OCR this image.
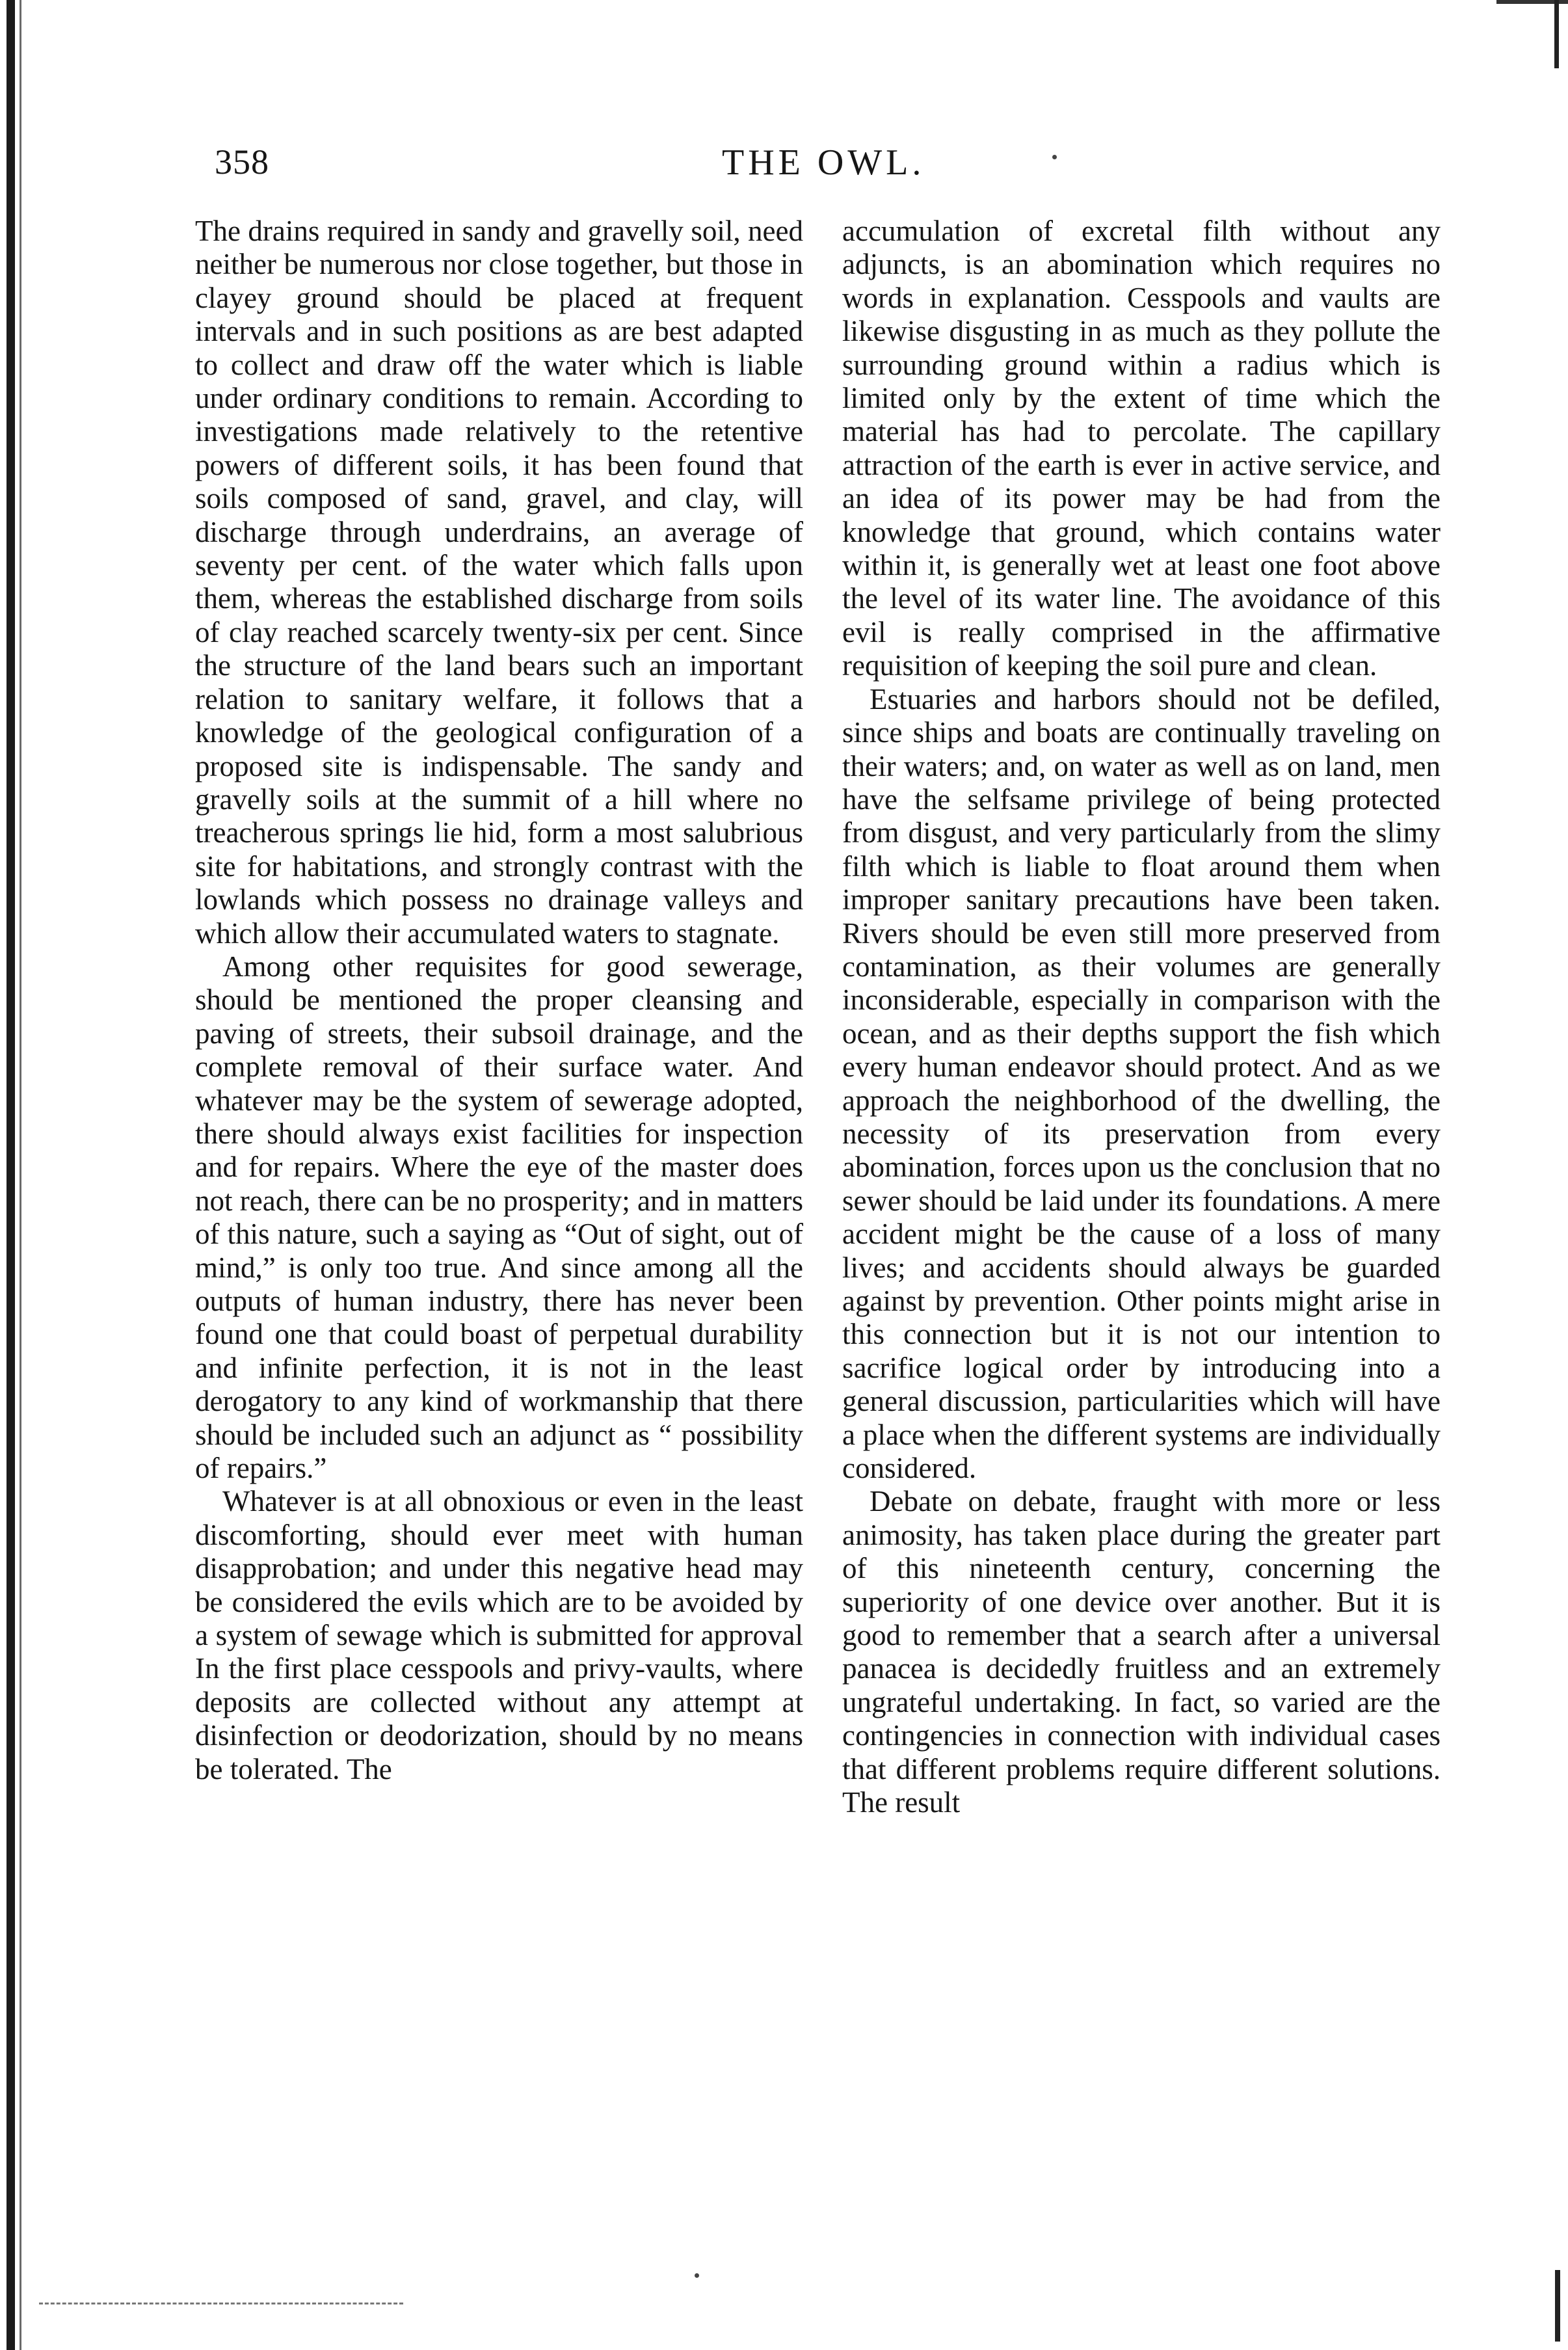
358	THE OWL.

The drains required in sandy and gravelly soil, need neither be numerous nor close together, but those in clayey ground should be placed at frequent intervals and in such positions as are best adapted to collect and draw off the water which is liable under ordinary conditions to remain. According to investigations made relatively to the retentive powers of different soils, it has been found that soils composed of sand, gravel, and clay, will discharge through underdrains, an average of seventy per cent. of the water which falls upon them, whereas the established discharge from soils of clay reached scarcely twenty-six per cent. Since the structure of the land bears such an important relation to sanitary welfare, it follows that a knowledge of the geological configuration of a proposed site is indispensable. The sandy and gravelly soils at the summit of a hill where no treacherous springs lie hid, form a most salubrious site for habitations, and strongly contrast with the lowlands which possess no drainage valleys and which allow their accumulated waters to stagnate.

Among other requisites for good sewerage, should be mentioned the proper cleansing and paving of streets, their subsoil drainage, and the complete removal of their surface water. And whatever may be the system of sewerage adopted, there should always exist facilities for inspection and for repairs. Where the eye of the master does not reach, there can be no prosperity; and in matters of this nature, such a saying as “Out of sight, out of mind,” is only too true. And since among all the outputs of human industry, there has never been found one that could boast of perpetual durability and infinite perfection, it is not in the least derogatory to any kind of workmanship that there should be included such an adjunct as “ possibility of repairs.”

Whatever is at all obnoxious or even in the least discomforting, should ever meet with human disapprobation; and under this negative head may be considered the evils which are to be avoided by a system of sewage which is submitted for approval In the first place cesspools and privy-vaults, where deposits are collected without any attempt at disinfection or deodorization, should by no means be tolerated. The

accumulation of excretal filth without any adjuncts, is an abomination which requires no words in explanation. Cesspools and vaults are likewise disgusting in as much as they pollute the surrounding ground within a radius which is limited only by the extent of time which the material has had to percolate. The capillary attraction of the earth is ever in active service, and an idea of its power may be had from the knowledge that ground, which contains water within it, is generally wet at least one foot above the level of its water line. The avoidance of this evil is really comprised in the affirmative requisition of keeping the soil pure and clean.

Estuaries and harbors should not be defiled, since ships and boats are continually traveling on their waters; and, on water as well as on land, men have the selfsame privilege of being protected from disgust, and very particularly from the slimy filth which is liable to float around them when improper sanitary precautions have been taken. Rivers should be even still more preserved from contamination, as their volumes are generally inconsiderable, especially in comparison with the ocean, and as their depths support the fish which every human endeavor should protect. And as we approach the neighborhood of the dwelling, the necessity of its preservation from every abomination, forces upon us the conclusion that no sewer should be laid under its foundations. A mere accident might be the cause of a loss of many lives; and accidents should always be guarded against by prevention. Other points might arise in this connection but it is not our intention to sacrifice logical order by introducing into a general discussion, particularities which will have a place when the different systems are individually considered.

Debate on debate, fraught with more or less animosity, has taken place during the greater part of this nineteenth century, concerning the superiority of one device over another. But it is good to remember that a search after a universal panacea is decidedly fruitless and an extremely ungrateful undertaking. In fact, so varied are the contingencies in connection with individual cases that different problems require different solutions. The result
